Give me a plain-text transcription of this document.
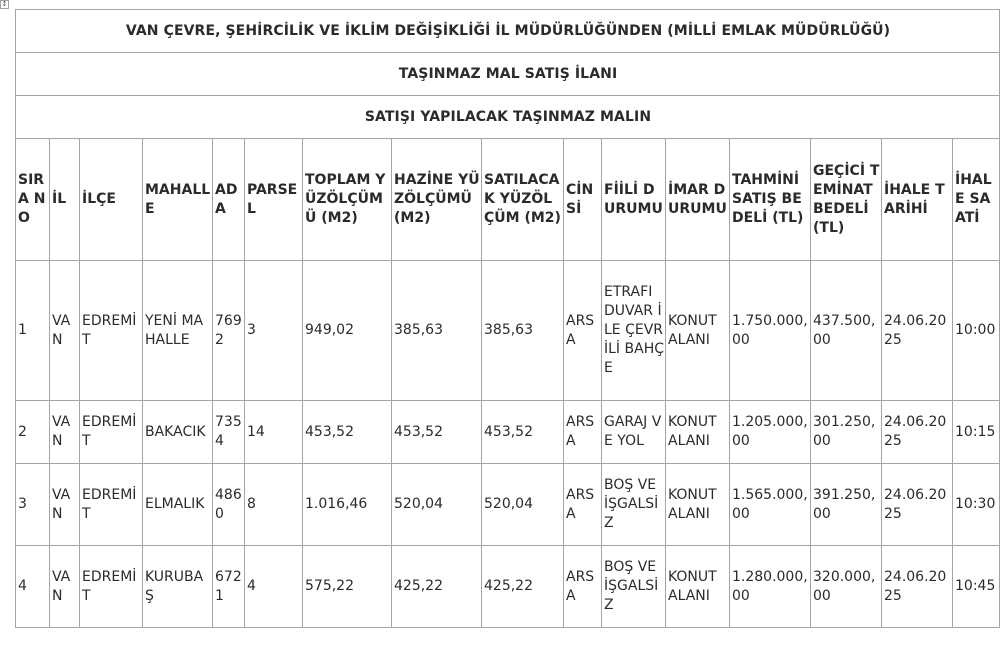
↕
VAN ÇEVRE, ŞEHİRCİLİK VE İKLİM DEĞİŞİKLİĞİ İL MÜDÜRLÜĞÜNDEN (MİLLİ EMLAK MÜDÜRLÜĞÜ)															
TAŞINMAZ MAL SATIŞ İLANI															
SATIŞI YAPILACAK TAŞINMAZ MALIN															
SIRA NO	İL	İLÇE	MAHALLE	ADA	PARSEL	TOPLAM YÜZÖLÇÜMÜ (M2)	HAZİNE YÜZÖLÇÜMÜ (M2)	SATILACAK YÜZÖLÇÜM (M2)	CİNSİ	FİİLİ DURUMU	İMAR DURUMU	TAHMİNİ SATIŞ BEDELİ (TL)	GEÇİCİ TEMİNAT BEDELİ (TL)	İHALE TARİHİ	İHALE SAATİ
1	VAN	EDREMİT	YENİ MAHALLE	7692	3	949,02	385,63	385,63	ARSA	ETRAFI DUVAR İLE ÇEVRİLİ BAHÇE	KONUT ALANI	1.750.000,00	437.500,00	24.06.2025	10:00
2	VAN	EDREMİT	BAKACIK	7354	14	453,52	453,52	453,52	ARSA	GARAJ VE YOL	KONUT ALANI	1.205.000,00	301.250,00	24.06.2025	10:15
3	VAN	EDREMİT	ELMALIK	4860	8	1.016,46	520,04	520,04	ARSA	BOŞ VE İŞGALSİZ	KONUT ALANI	1.565.000,00	391.250,00	24.06.2025	10:30
4	VAN	EDREMİT	KURUBAŞ	6721	4	575,22	425,22	425,22	ARSA	BOŞ VE İŞGALSİZ	KONUT ALANI	1.280.000,00	320.000,00	24.06.2025	10:45
